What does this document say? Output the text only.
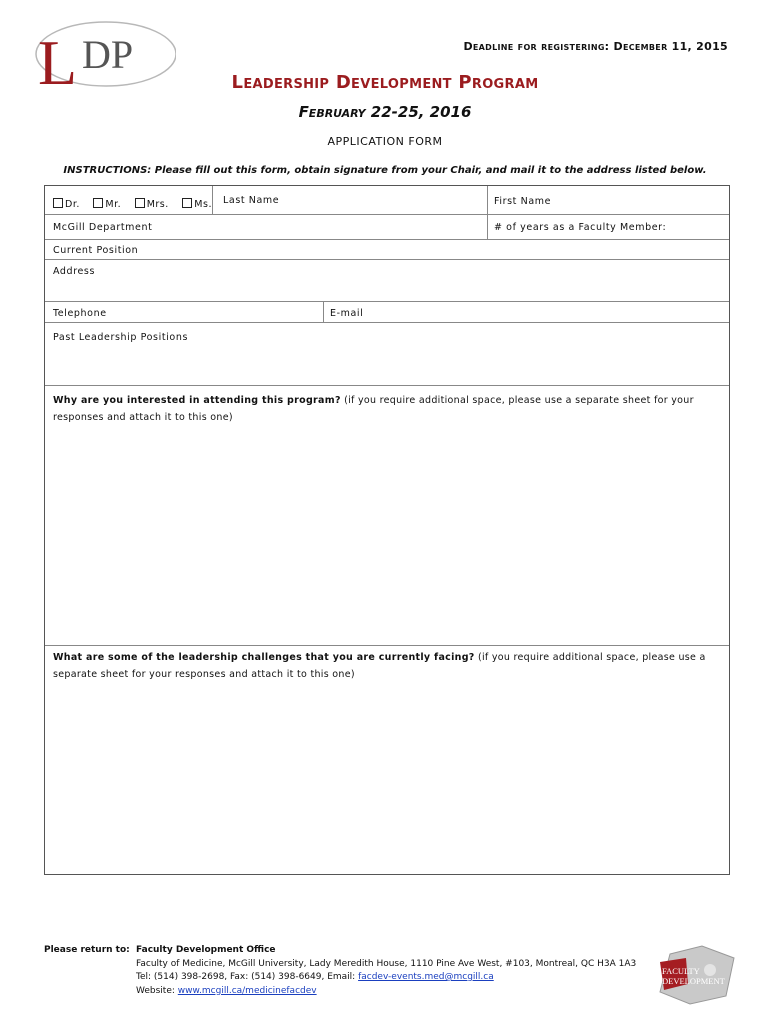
L DP	Deadline for registering: December 11, 2015
Leadership Development Program
February 22-25, 2016
APPLICATION FORM
INSTRUCTIONS: Please fill out this form, obtain signature from your Chair, and mail it to the address listed below.
Dr.	Mr.	Mrs.	Ms.	Last Name	First Name
McGill Department	# of years as a Faculty Member:
Current Position
Address
Telephone	E-mail
Past Leadership Positions
Why are you interested in attending this program? (if you require additional space, please use a separate sheet for your responses and attach it to this one)
What are some of the leadership challenges that you are currently facing? (if you require additional space, please use a separate sheet for your responses and attach it to this one)
Please return to: Faculty Development Office
Faculty of Medicine, McGill University, Lady Meredith House, 1110 Pine Ave West, #103, Montreal, QC H3A 1A3
Tel: (514) 398-2698, Fax: (514) 398-6649, Email: facdev-events.med@mcgill.ca
Website: www.mcgill.ca/medicinefacdev
FACULTY
DEVELOPMENT
